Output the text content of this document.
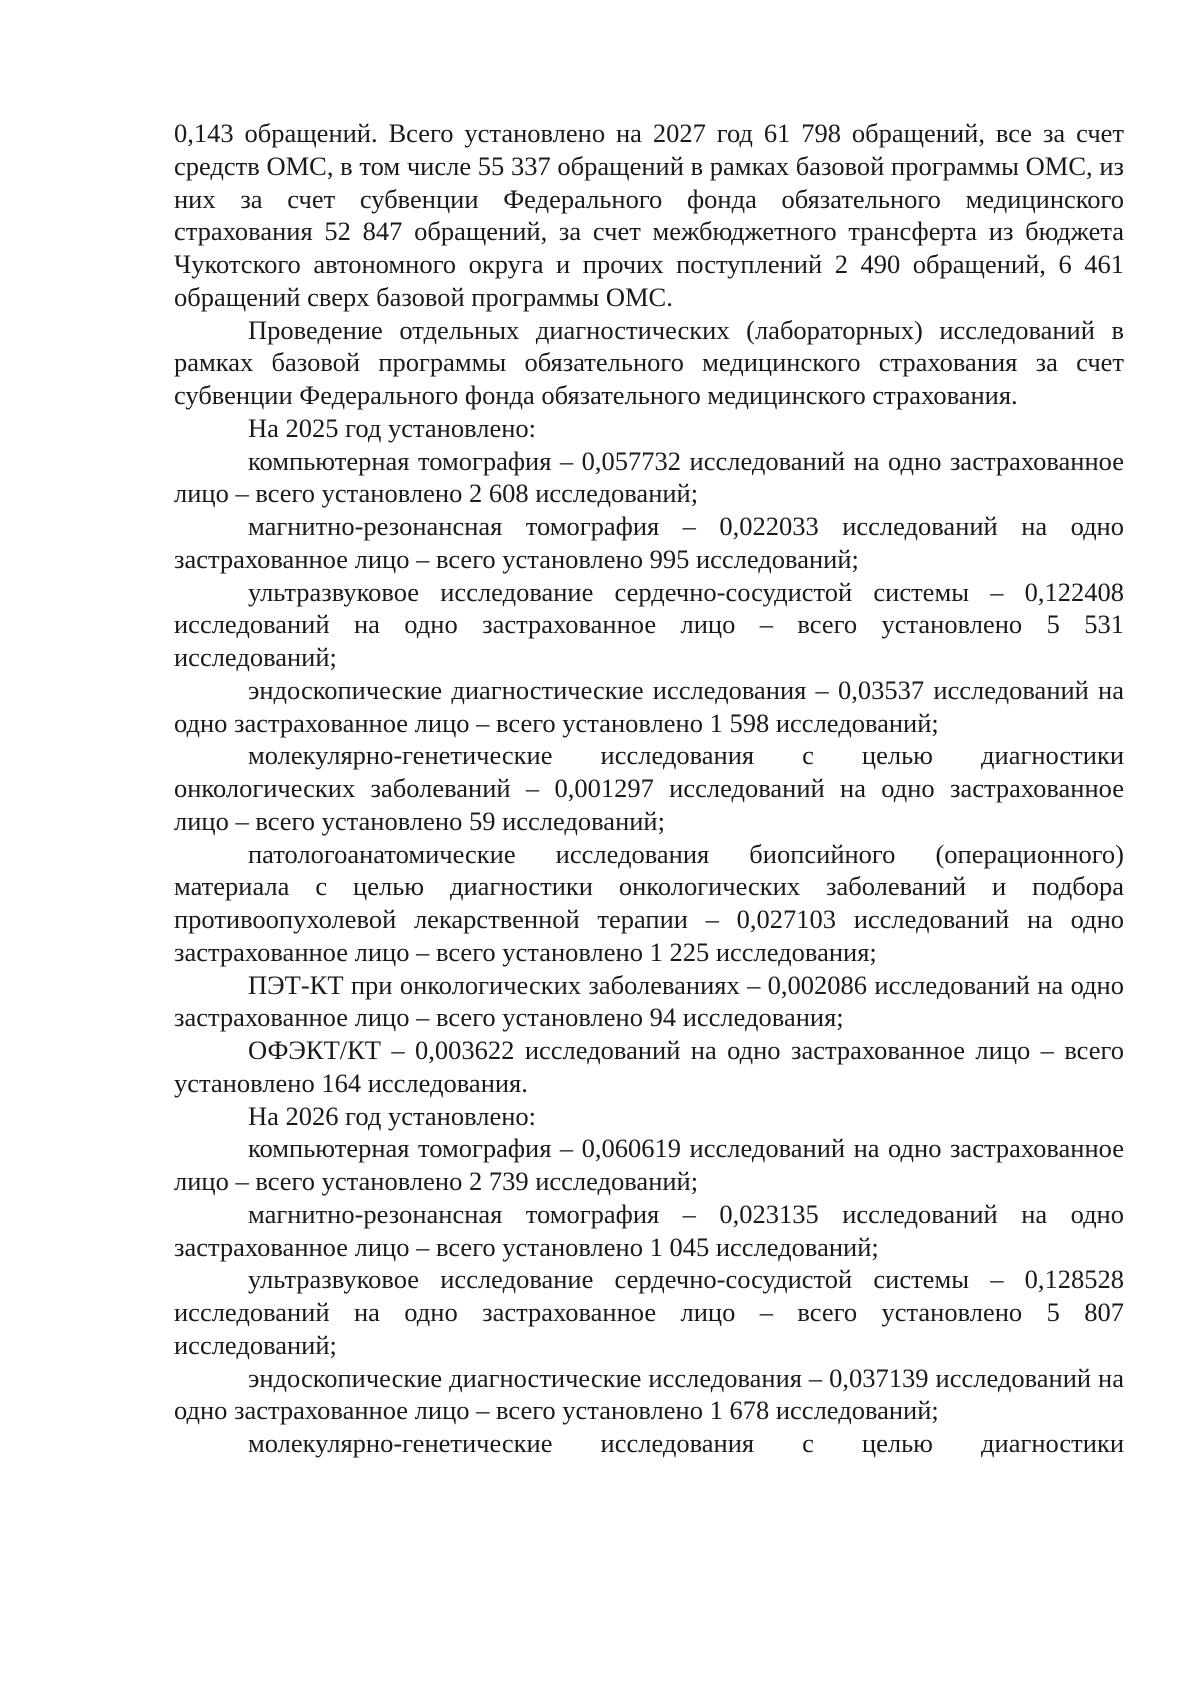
0,143 обращений. Всего установлено на 2027 год 61 798 обращений, все за счет средств ОМС, в том числе 55 337 обращений в рамках базовой программы ОМС, из них за счет субвенции Федерального фонда обязательного медицинского страхования 52 847 обращений, за счет межбюджетного трансферта из бюджета Чукотского автономного округа и прочих поступлений 2 490 обращений, 6 461 обращений сверх базовой программы ОМС.

Проведение отдельных диагностических (лабораторных) исследований в рамках базовой программы обязательного медицинского страхования за счет субвенции Федерального фонда обязательного медицинского страхования.

На 2025 год установлено:

компьютерная томография – 0,057732 исследований на одно застрахованное лицо – всего установлено 2 608 исследований;

магнитно-резонансная томография – 0,022033 исследований на одно застрахованное лицо – всего установлено 995 исследований;

ультразвуковое исследование сердечно-сосудистой системы – 0,122408 исследований на одно застрахованное лицо – всего установлено 5 531 исследований;

эндоскопические диагностические исследования – 0,03537 исследований на одно застрахованное лицо – всего установлено 1 598 исследований;

молекулярно-генетические исследования с целью диагностики онкологических заболеваний – 0,001297 исследований на одно застрахованное лицо – всего установлено 59 исследований;

патологоанатомические исследования биопсийного (операционного) материала с целью диагностики онкологических заболеваний и подбора противоопухолевой лекарственной терапии – 0,027103 исследований на одно застрахованное лицо – всего установлено 1 225 исследования;

ПЭТ-КТ при онкологических заболеваниях – 0,002086 исследований на одно застрахованное лицо – всего установлено 94 исследования;

ОФЭКТ/КТ – 0,003622 исследований на одно застрахованное лицо – всего установлено 164 исследования.

На 2026 год установлено:

компьютерная томография – 0,060619 исследований на одно застрахованное лицо – всего установлено 2 739 исследований;

магнитно-резонансная томография – 0,023135 исследований на одно застрахованное лицо – всего установлено 1 045 исследований;

ультразвуковое исследование сердечно-сосудистой системы – 0,128528 исследований на одно застрахованное лицо – всего установлено 5 807 исследований;

эндоскопические диагностические исследования – 0,037139 исследований на одно застрахованное лицо – всего установлено 1 678 исследований;

молекулярно-генетические исследования с целью диагностики
